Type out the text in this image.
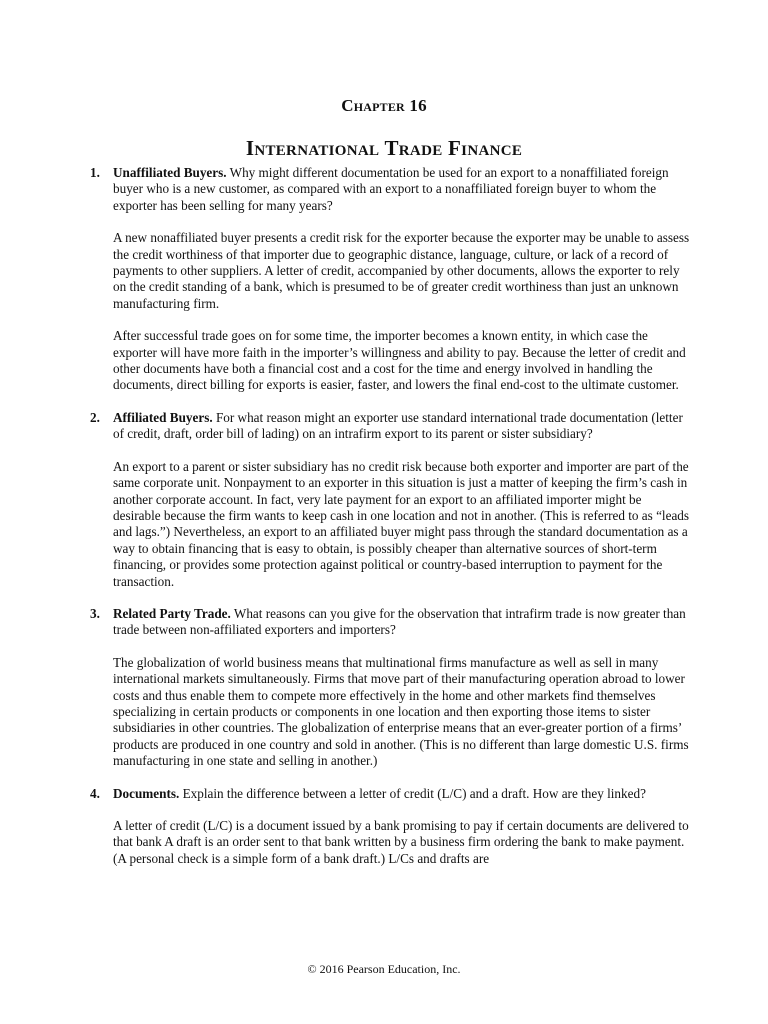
Chapter 16
International Trade Finance

1. Unaffiliated Buyers. Why might different documentation be used for an export to a nonaffiliated foreign buyer who is a new customer, as compared with an export to a nonaffiliated foreign buyer to whom the exporter has been selling for many years?

A new nonaffiliated buyer presents a credit risk for the exporter because the exporter may be unable to assess the credit worthiness of that importer due to geographic distance, language, culture, or lack of a record of payments to other suppliers. A letter of credit, accompanied by other documents, allows the exporter to rely on the credit standing of a bank, which is presumed to be of greater credit worthiness than just an unknown manufacturing firm.

After successful trade goes on for some time, the importer becomes a known entity, in which case the exporter will have more faith in the importer’s willingness and ability to pay. Because the letter of credit and other documents have both a financial cost and a cost for the time and energy involved in handling the documents, direct billing for exports is easier, faster, and lowers the final end-cost to the ultimate customer.

2. Affiliated Buyers. For what reason might an exporter use standard international trade documentation (letter of credit, draft, order bill of lading) on an intrafirm export to its parent or sister subsidiary?

An export to a parent or sister subsidiary has no credit risk because both exporter and importer are part of the same corporate unit. Nonpayment to an exporter in this situation is just a matter of keeping the firm’s cash in another corporate account. In fact, very late payment for an export to an affiliated importer might be desirable because the firm wants to keep cash in one location and not in another. (This is referred to as “leads and lags.”) Nevertheless, an export to an affiliated buyer might pass through the standard documentation as a way to obtain financing that is easy to obtain, is possibly cheaper than alternative sources of short-term financing, or provides some protection against political or country-based interruption to payment for the transaction.

3. Related Party Trade. What reasons can you give for the observation that intrafirm trade is now greater than trade between non-affiliated exporters and importers?

The globalization of world business means that multinational firms manufacture as well as sell in many international markets simultaneously. Firms that move part of their manufacturing operation abroad to lower costs and thus enable them to compete more effectively in the home and other markets find themselves specializing in certain products or components in one location and then exporting those items to sister subsidiaries in other countries. The globalization of enterprise means that an ever-greater portion of a firms’ products are produced in one country and sold in another. (This is no different than large domestic U.S. firms manufacturing in one state and selling in another.)

4. Documents. Explain the difference between a letter of credit (L/C) and a draft. How are they linked?

A letter of credit (L/C) is a document issued by a bank promising to pay if certain documents are delivered to that bank A draft is an order sent to that bank written by a business firm ordering the bank to make payment. (A personal check is a simple form of a bank draft.) L/Cs and drafts are

© 2016 Pearson Education, Inc.
